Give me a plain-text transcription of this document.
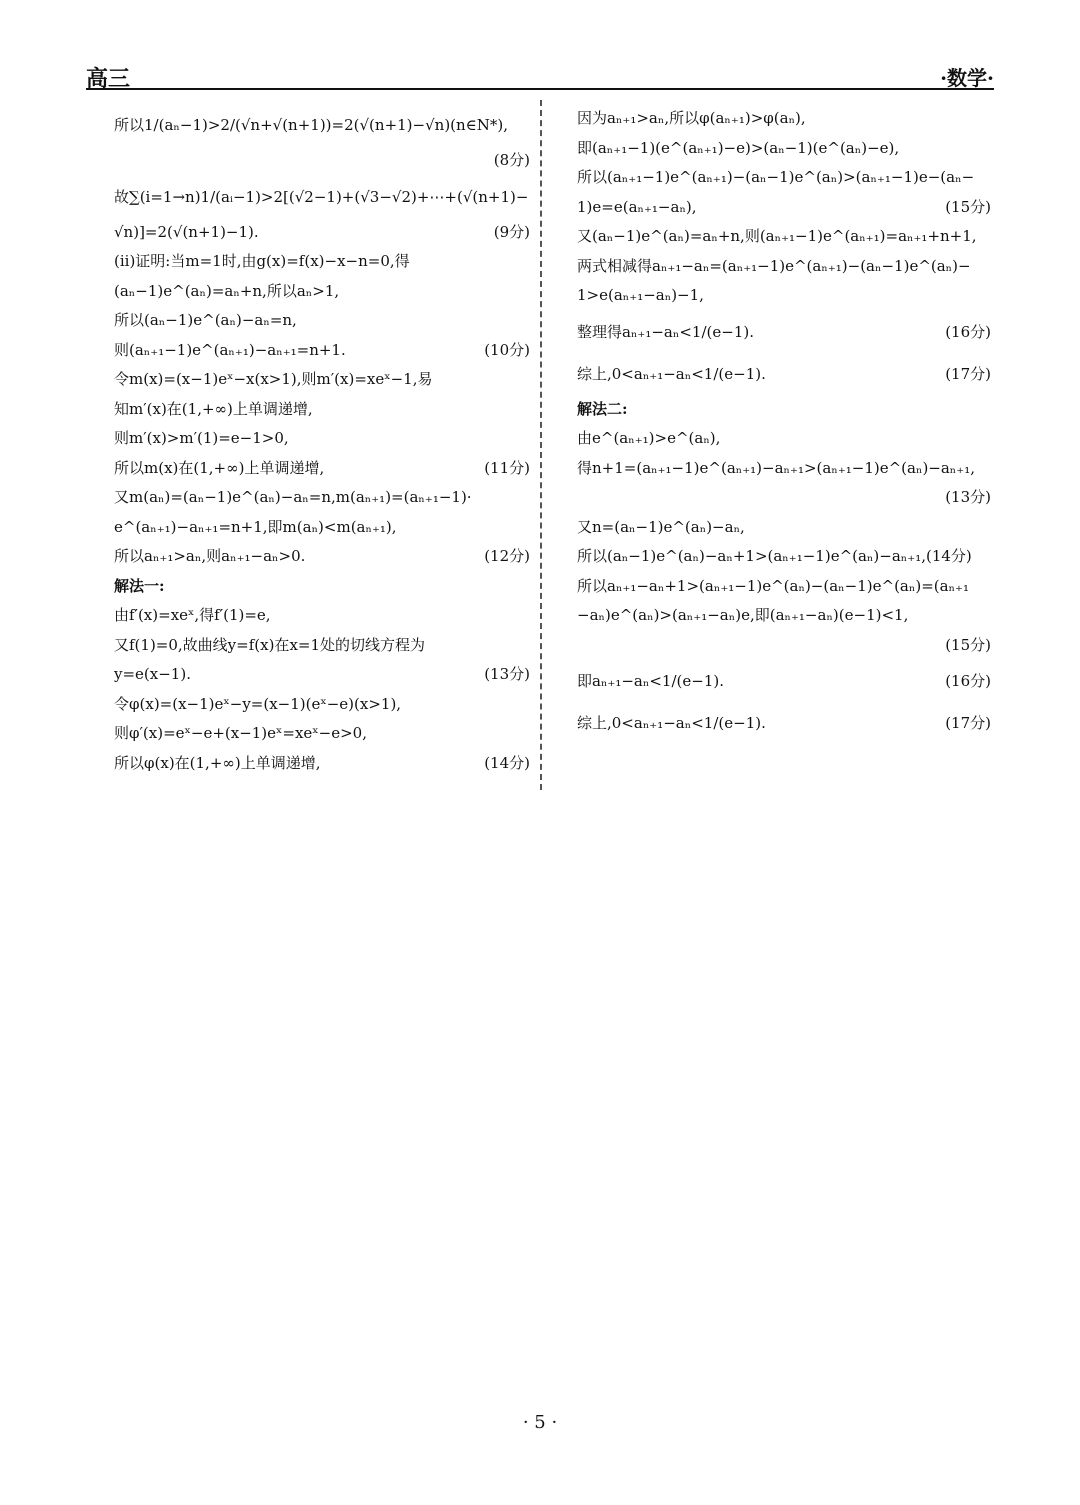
高三	·数学·
所以1/(aₙ−1)>2/(√n+√(n+1))=2(√(n+1)−√n)(n∈N*),
(8分)
故∑(i=1→n)1/(aᵢ−1)>2[(√2−1)+(√3−√2)+⋯+(√(n+1)−
√n)]=2(√(n+1)−1).	(9分)
(ii)证明:当m=1时,由g(x)=f(x)−x−n=0,得
(aₙ−1)e^(aₙ)=aₙ+n,所以aₙ>1,
所以(aₙ−1)e^(aₙ)−aₙ=n,
则(aₙ₊₁−1)e^(aₙ₊₁)−aₙ₊₁=n+1.	(10分)
令m(x)=(x−1)eˣ−x(x>1),则m′(x)=xeˣ−1,易
知m′(x)在(1,+∞)上单调递增,
则m′(x)>m′(1)=e−1>0,
所以m(x)在(1,+∞)上单调递增,	(11分)
又m(aₙ)=(aₙ−1)e^(aₙ)−aₙ=n,m(aₙ₊₁)=(aₙ₊₁−1)·
e^(aₙ₊₁)−aₙ₊₁=n+1,即m(aₙ)<m(aₙ₊₁),
所以aₙ₊₁>aₙ,则aₙ₊₁−aₙ>0.	(12分)
解法一:
由f′(x)=xeˣ,得f′(1)=e,
又f(1)=0,故曲线y=f(x)在x=1处的切线方程为
y=e(x−1).	(13分)
令φ(x)=(x−1)eˣ−y=(x−1)(eˣ−e)(x>1),
则φ′(x)=eˣ−e+(x−1)eˣ=xeˣ−e>0,
所以φ(x)在(1,+∞)上单调递增,	(14分)
因为aₙ₊₁>aₙ,所以φ(aₙ₊₁)>φ(aₙ),
即(aₙ₊₁−1)(e^(aₙ₊₁)−e)>(aₙ−1)(e^(aₙ)−e),
所以(aₙ₊₁−1)e^(aₙ₊₁)−(aₙ−1)e^(aₙ)>(aₙ₊₁−1)e−(aₙ−
1)e=e(aₙ₊₁−aₙ),	(15分)
又(aₙ−1)e^(aₙ)=aₙ+n,则(aₙ₊₁−1)e^(aₙ₊₁)=aₙ₊₁+n+1,
两式相减得aₙ₊₁−aₙ=(aₙ₊₁−1)e^(aₙ₊₁)−(aₙ−1)e^(aₙ)−
1>e(aₙ₊₁−aₙ)−1,
整理得aₙ₊₁−aₙ<1/(e−1).	(16分)
综上,0<aₙ₊₁−aₙ<1/(e−1).	(17分)
解法二:
由e^(aₙ₊₁)>e^(aₙ),
得n+1=(aₙ₊₁−1)e^(aₙ₊₁)−aₙ₊₁>(aₙ₊₁−1)e^(aₙ)−aₙ₊₁,
(13分)
又n=(aₙ−1)e^(aₙ)−aₙ,
所以(aₙ−1)e^(aₙ)−aₙ+1>(aₙ₊₁−1)e^(aₙ)−aₙ₊₁,(14分)
所以aₙ₊₁−aₙ+1>(aₙ₊₁−1)e^(aₙ)−(aₙ−1)e^(aₙ)=(aₙ₊₁
−aₙ)e^(aₙ)>(aₙ₊₁−aₙ)e,即(aₙ₊₁−aₙ)(e−1)<1,
(15分)
即aₙ₊₁−aₙ<1/(e−1).	(16分)
综上,0<aₙ₊₁−aₙ<1/(e−1).	(17分)
· 5 ·
